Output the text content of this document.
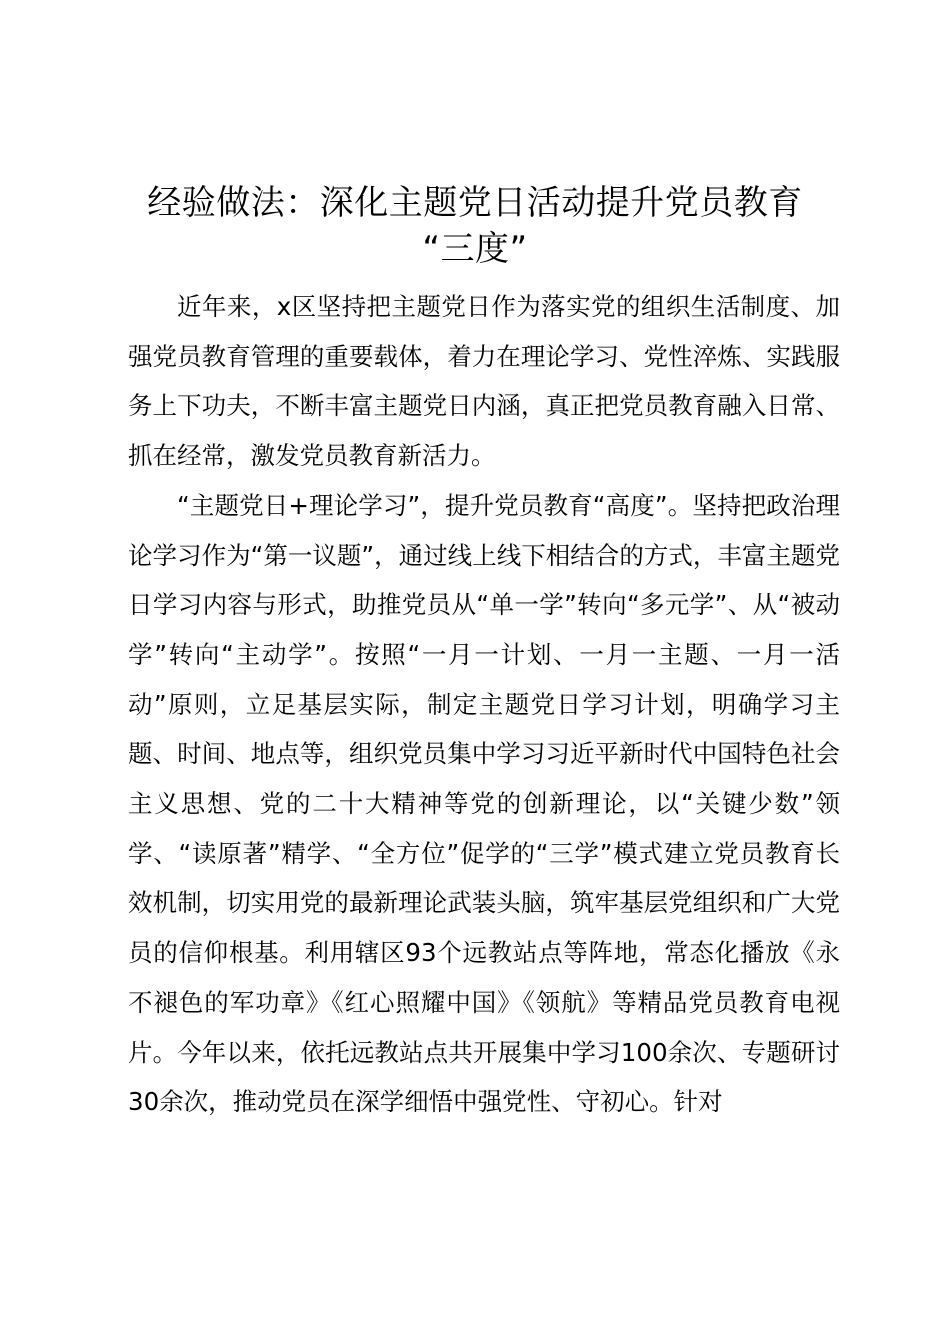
经验做法：深化主题党日活动提升党员教育
“三度”

近年来，x区坚持把主题党日作为落实党的组织生活制度、加强党员教育管理的重要载体，着力在理论学习、党性淬炼、实践服务上下功夫，不断丰富主题党日内涵，真正把党员教育融入日常、抓在经常，激发党员教育新活力。

“主题党日+理论学习”，提升党员教育“高度”。坚持把政治理论学习作为“第一议题”，通过线上线下相结合的方式，丰富主题党日学习内容与形式，助推党员从“单一学”转向“多元学”、从“被动学”转向“主动学”。按照“一月一计划、一月一主题、一月一活动”原则，立足基层实际，制定主题党日学习计划，明确学习主题、时间、地点等，组织党员集中学习习近平新时代中国特色社会主义思想、党的二十大精神等党的创新理论，以“关键少数”领学、“读原著”精学、“全方位”促学的“三学”模式建立党员教育长效机制，切实用党的最新理论武装头脑，筑牢基层党组织和广大党员的信仰根基。利用辖区93个远教站点等阵地，常态化播放《永不褪色的军功章》《红心照耀中国》《领航》等精品党员教育电视片。今年以来，依托远教站点共开展集中学习100余次、专题研讨30余次，推动党员在深学细悟中强党性、守初心。针对
